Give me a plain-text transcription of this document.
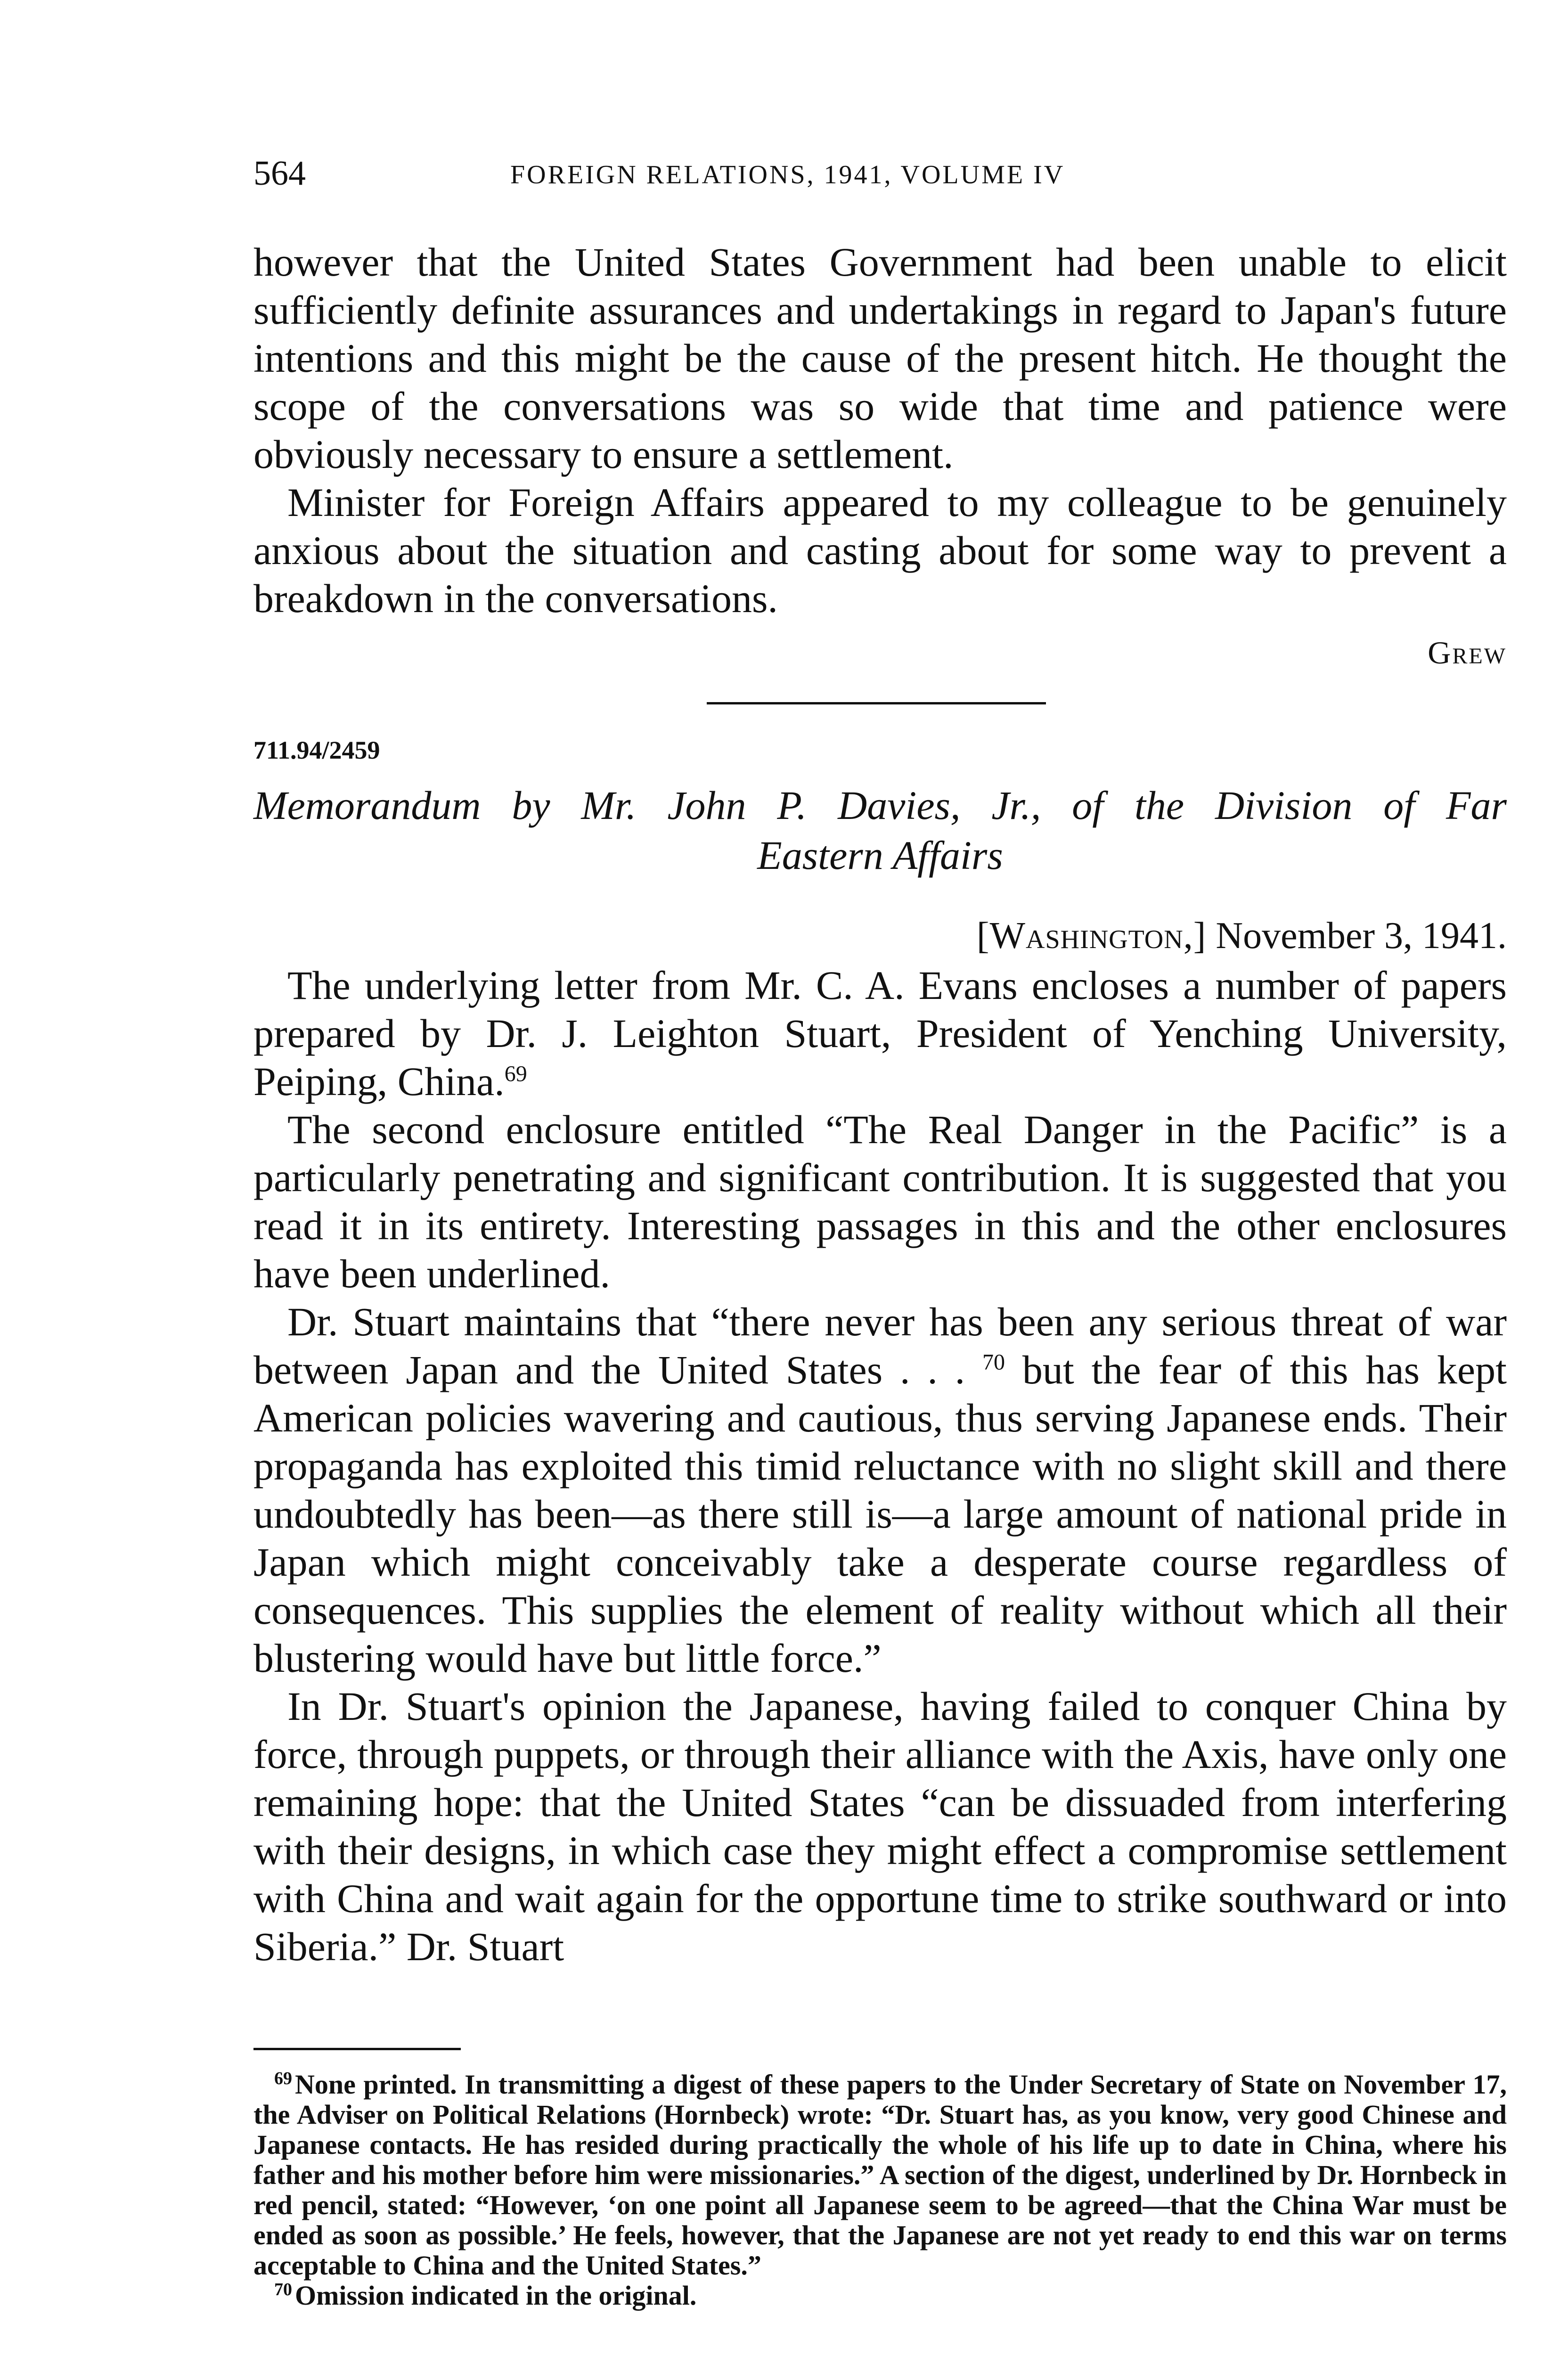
564	FOREIGN RELATIONS, 1941, VOLUME IV

however that the United States Government had been unable to elicit sufficiently definite assurances and undertakings in regard to Japan's future intentions and this might be the cause of the present hitch. He thought the scope of the conversations was so wide that time and patience were obviously necessary to ensure a settlement.

Minister for Foreign Affairs appeared to my colleague to be genuinely anxious about the situation and casting about for some way to prevent a breakdown in the conversations.

Grew
711.94/2459
Memorandum by Mr. John P. Davies, Jr., of the Division of Far
Eastern Affairs
[Washington,] November 3, 1941.

The underlying letter from Mr. C. A. Evans encloses a number of papers prepared by Dr. J. Leighton Stuart, President of Yenching University, Peiping, China.$^{69}$

The second enclosure entitled “The Real Danger in the Pacific” is a particularly penetrating and significant contribution. It is suggested that you read it in its entirety. Interesting passages in this and the other enclosures have been underlined.

Dr. Stuart maintains that “there never has been any serious threat of war between Japan and the United States . . . $^{70}$ but the fear of this has kept American policies wavering and cautious, thus serving Japanese ends. Their propaganda has exploited this timid reluctance with no slight skill and there undoubtedly has been—as there still is—a large amount of national pride in Japan which might conceivably take a desperate course regardless of consequences. This supplies the element of reality without which all their blustering would have but little force.”

In Dr. Stuart's opinion the Japanese, having failed to conquer China by force, through puppets, or through their alliance with the Axis, have only one remaining hope: that the United States “can be dissuaded from interfering with their designs, in which case they might effect a compromise settlement with China and wait again for the opportune time to strike southward or into Siberia.” Dr. Stuart

$^{69}$ None printed. In transmitting a digest of these papers to the Under Secretary of State on November 17, the Adviser on Political Relations (Hornbeck) wrote: “Dr. Stuart has, as you know, very good Chinese and Japanese contacts. He has resided during practically the whole of his life up to date in China, where his father and his mother before him were missionaries.” A section of the digest, underlined by Dr. Hornbeck in red pencil, stated: “However, ‘on one point all Japanese seem to be agreed—that the China War must be ended as soon as possible.’ He feels, however, that the Japanese are not yet ready to end this war on terms acceptable to China and the United States.”

$^{70}$ Omission indicated in the original.
